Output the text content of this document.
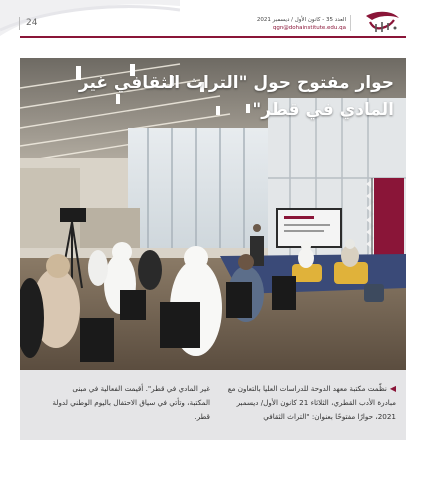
24	العدد 35 - كانون الأول / ديسمبر 2021
qgn@dohainstitute.edu.qa
حوار مفتوح حول "التراث الثقافي غير المادي في قطر"
◀نظّمت مكتبة معهد الدوحة للدراسات العليا بالتعاون مع مبادرة الأدب القطري، الثلاثاء 21 كانون الأول/ ديسمبر 2021، حوارًا مفتوحًا بعنوان: "التراث الثقافي
غير المادي في قطر". أقيمت الفعالية في مبنى المكتبة، وتأتي في سياق الاحتفال باليوم الوطني لدولة قطر.
